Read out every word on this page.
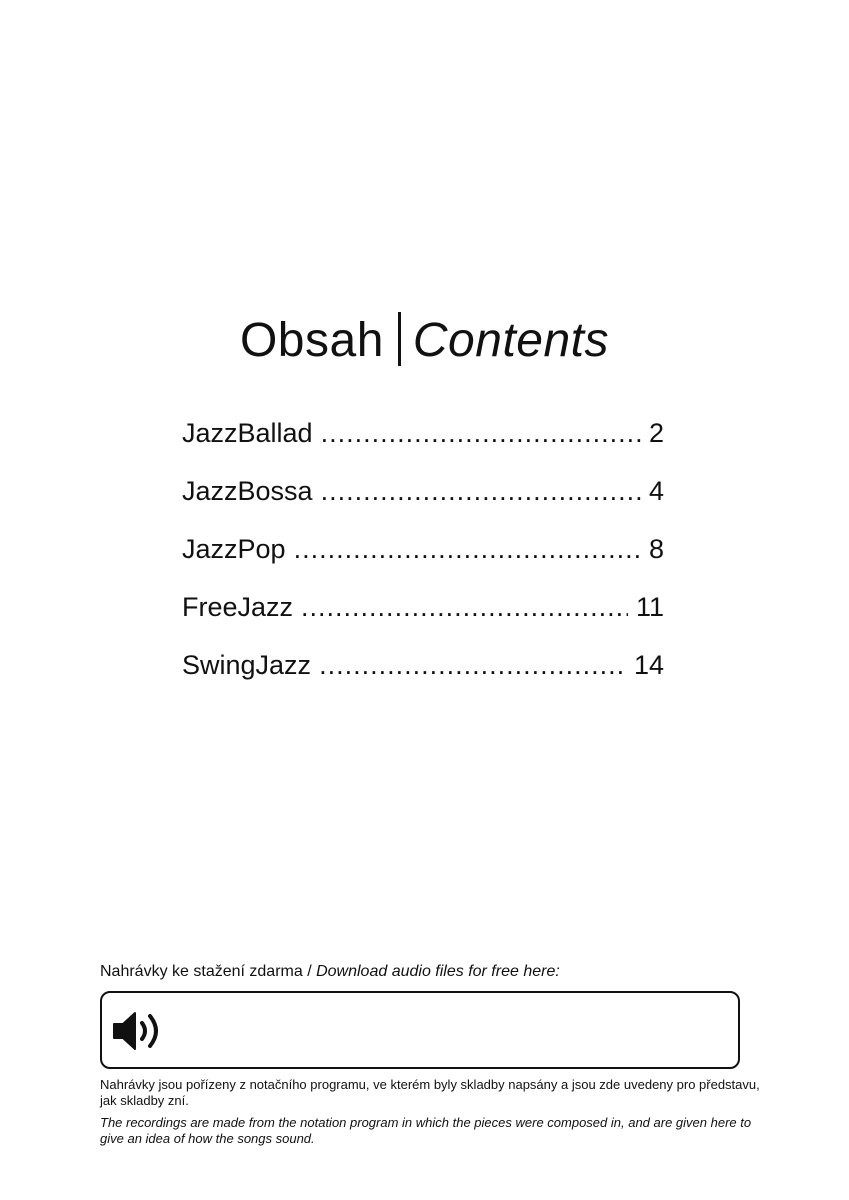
Obsah Contents
JazzBallad .....	2
JazzBossa .....	4
JazzPop .....	8
FreeJazz .....	11
SwingJazz .....	14
Nahrávky ke stažení zdarma / Download audio files for free here:
Nahrávky jsou pořízeny z notačního programu, ve kterém byly skladby napsány a jsou zde uvedeny pro představu, jak skladby zní.
The recordings are made from the notation program in which the pieces were composed in, and are given here to give an idea of how the songs sound.
